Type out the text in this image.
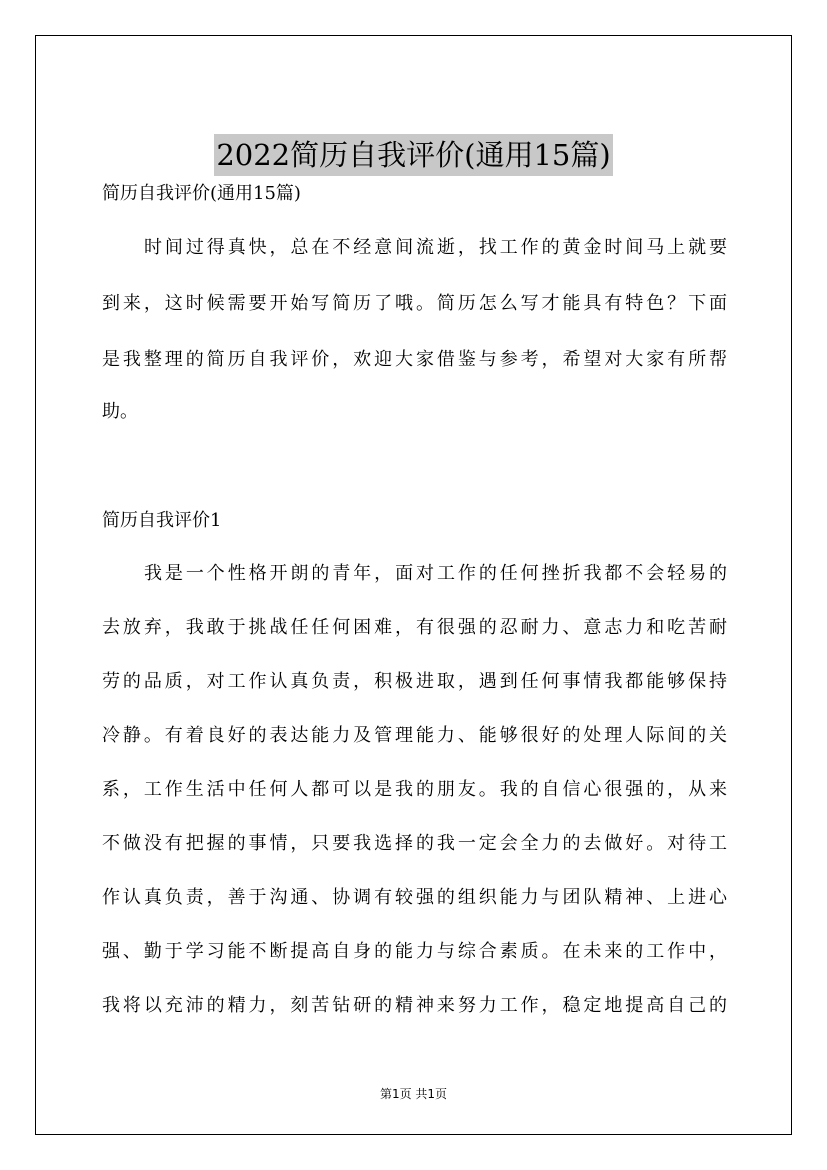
2022简历自我评价(通用15篇)
简历自我评价(通用15篇)
时间过得真快，总在不经意间流逝，找工作的黄金时间马上就要
到来，这时候需要开始写简历了哦。简历怎么写才能具有特色？下面
是我整理的简历自我评价，欢迎大家借鉴与参考，希望对大家有所帮
助。
简历自我评价1
我是一个性格开朗的青年，面对工作的任何挫折我都不会轻易的
去放弃，我敢于挑战任任何困难，有很强的忍耐力、意志力和吃苦耐
劳的品质，对工作认真负责，积极进取，遇到任何事情我都能够保持
冷静。有着良好的表达能力及管理能力、能够很好的处理人际间的关
系，工作生活中任何人都可以是我的朋友。我的自信心很强的，从来
不做没有把握的事情，只要我选择的我一定会全力的去做好。对待工
作认真负责，善于沟通、协调有较强的组织能力与团队精神、上进心
强、勤于学习能不断提高自身的能力与综合素质。在未来的工作中，
我将以充沛的精力，刻苦钻研的精神来努力工作，稳定地提高自己的
第1页 共1页
